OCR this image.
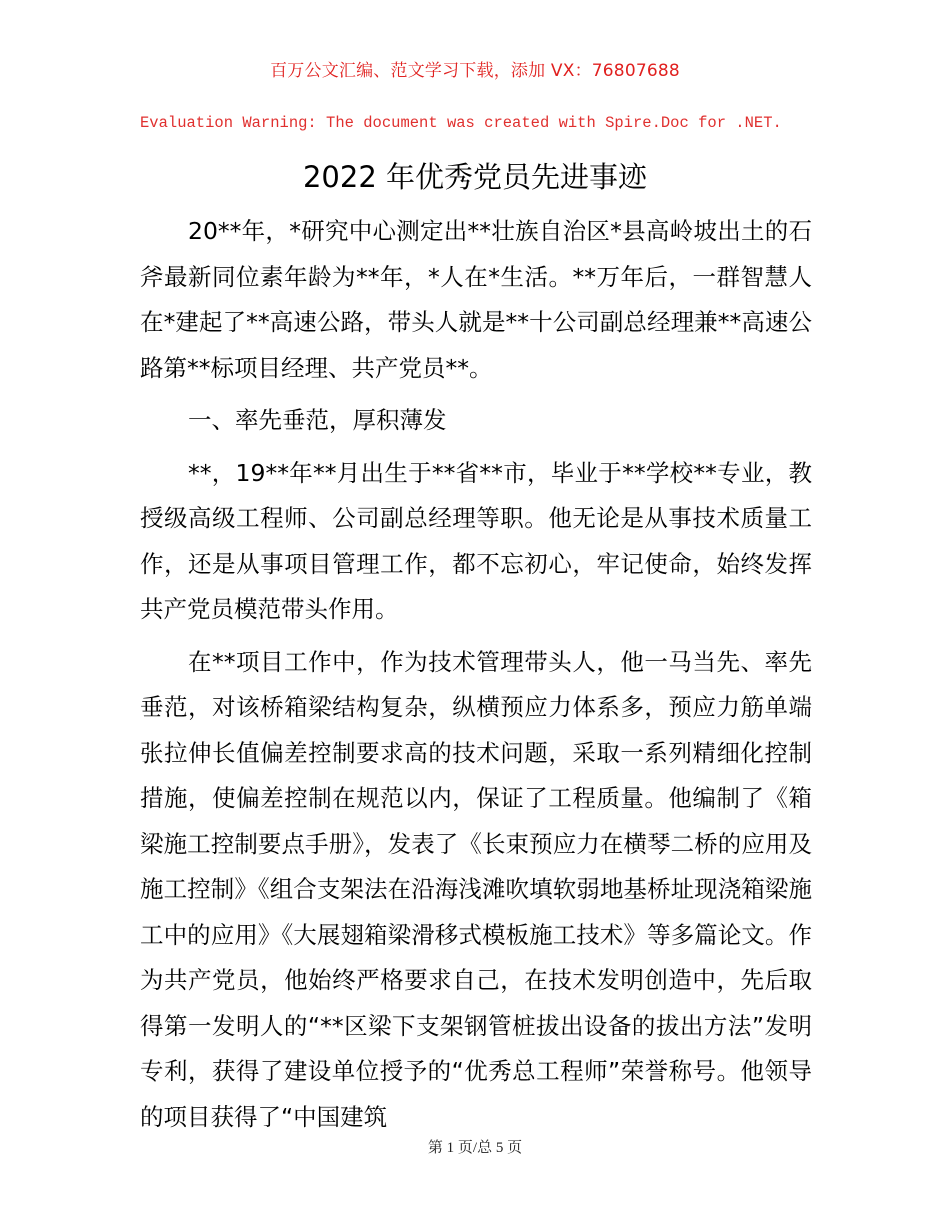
百万公文汇编、范文学习下载，添加 VX：76807688
Evaluation Warning: The document was created with Spire.Doc for .NET.
2022 年优秀党员先进事迹

20**年，*研究中心测定出**壮族自治区*县高岭坡出土的石斧最新同位素年龄为**年，*人在*生活。**万年后，一群智慧人在*建起了**高速公路，带头人就是**十公司副总经理兼**高速公路第**标项目经理、共产党员**。

一、率先垂范，厚积薄发

**，19**年**月出生于**省**市，毕业于**学校**专业，教授级高级工程师、公司副总经理等职。他无论是从事技术质量工作，还是从事项目管理工作，都不忘初心，牢记使命，始终发挥共产党员模范带头作用。

在**项目工作中，作为技术管理带头人，他一马当先、率先垂范，对该桥箱梁结构复杂，纵横预应力体系多，预应力筋单端张拉伸长值偏差控制要求高的技术问题，采取一系列精细化控制措施，使偏差控制在规范以内，保证了工程质量。他编制了《箱梁施工控制要点手册》，发表了《长束预应力在横琴二桥的应用及施工控制》《组合支架法在沿海浅滩吹填软弱地基桥址现浇箱梁施工中的应用》《大展翅箱梁滑移式模板施工技术》等多篇论文。作为共产党员，他始终严格要求自己，在技术发明创造中，先后取得第一发明人的“**区梁下支架钢管桩拔出设备的拔出方法”发明专利，获得了建设单位授予的“优秀总工程师”荣誉称号。他领导的项目获得了“中国建筑

第 1 页/总 5 页
